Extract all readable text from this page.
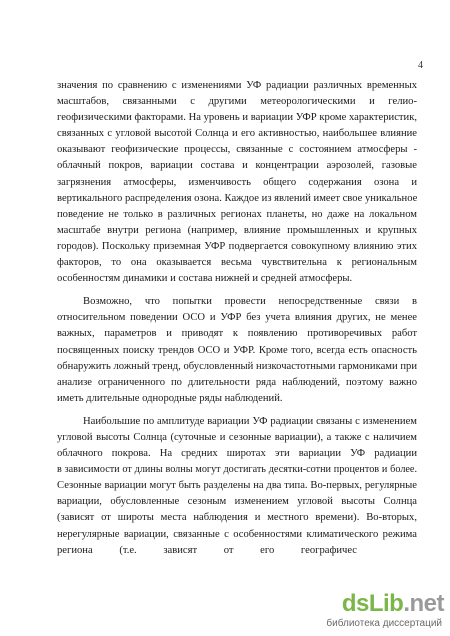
4
значения по сравнению с изменениями УФ радиации различных временных
масштабов, связанными с другими метеорологическими и гелио-
геофизическими факторами. На уровень и вариации УФР кроме характеристик,
связанных с угловой высотой Солнца и его активностью, наибольшее влияние
оказывают геофизические процессы, связанные с состоянием атмосферы -
облачный покров, вариации состава и концентрации аэрозолей, газовые
загрязнения атмосферы, изменчивость общего содержания озона и
вертикального распределения озона. Каждое из явлений имеет свое уникальное
поведение не только в различных регионах планеты, но даже на локальном
масштабе внутри региона (например, влияние промышленных и крупных
городов). Поскольку приземная УФР подвергается совокупному влиянию этих
факторов, то она оказывается весьма чувствительна к региональным
особенностям динамики и состава нижней и средней атмосферы.
Возможно, что попытки провести непосредственные связи в
относительном поведении ОСО и УФР без учета влияния других, не менее
важных, параметров и приводят к появлению противоречивых работ
посвященных поиску трендов ОСО и УФР. Кроме того, всегда есть опасность
обнаружить ложный тренд, обусловленный низкочастотными гармониками при
анализе ограниченного по длительности ряда наблюдений, поэтому важно
иметь длительные однородные ряды наблюдений.
Наибольшие по амплитуде вариации УФ радиации связаны с изменением
угловой высоты Солнца (суточные и сезонные вариации), а также с наличием
облачного покрова. На средних широтах эти вариации УФ радиации
в зависимости от длины волны могут достигать десятки-сотни процентов и более.
Сезонные вариации могут быть разделены на два типа. Во-первых, регулярные
вариации, обусловленные сезоным изменением угловой высоты Солнца
(зависят от широты места наблюдения и местного времени). Во-вторых,
нерегулярные вариации, связанные с особенностями климатического режима
региона (т.е. зависят от его географичес
dsLib.net
библиотека диссертаций
